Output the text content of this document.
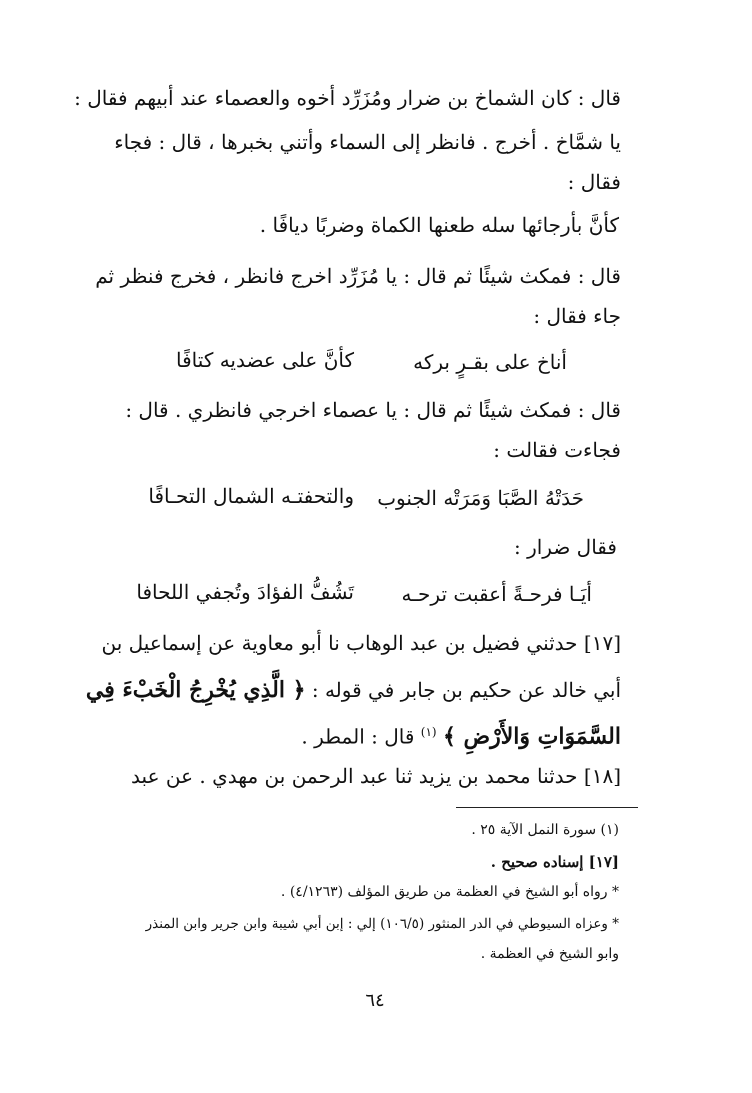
قال : كان الشماخ بن ضرار ومُزَرِّد أخوه والعصماء عند أبيهم فقال :
يا شمَّاخ . أخرج . فانظر إلى السماء وأتني بخبرها ، قال : فجاء
فقال :
كأنَّ بأرجائها سله طعنها الكماة وضربًا ديافًا .
قال : فمكث شيئًا ثم قال : يا مُزَرِّد اخرج فانظر ، فخرج فنظر ثم
جاء فقال :
أناخ على بقـرٍ بركه
كأنَّ على عضديه كتافًا
قال : فمكث شيئًا ثم قال : يا عصماء اخرجي فانظري . قال :
فجاءت فقالت :
حَدَتْهُ الصَّبَا وَمَرَتْه الجنوب
والتحفتـه الشمال التحـافًا
فقال ضرار :
أيَـا فرحـةً أعقبت ترحـه
تَشُفُّ الفؤادَ وتُجفي اللحافا
[١٧] حدثني فضيل بن عبد الوهاب نا أبو معاوية عن إسماعيل بن
أبي خالد عن حكيم بن جابر في قوله : ﴿ الَّذِي يُخْرِجُ الْخَبْءَ فِي
السَّمَوَاتِ وَالأَرْضِ ﴾ $^{(١)}$ قال : المطر .
[١٨] حدثنا محمد بن يزيد ثنا عبد الرحمن بن مهدي . عن عبد
(١) سورة النمل الآية ٢٥ .
[١٧] إسناده صحيح .
* رواه أبو الشيخ في العظمة من طريق المؤلف (٤/١٢٦٣) .
* وعزاه السيوطي في الدر المنثور (١٠٦/٥) إلي : إبن أبي شيبة وابن جرير وابن المنذر
وابو الشيخ في العظمة .
٦٤
